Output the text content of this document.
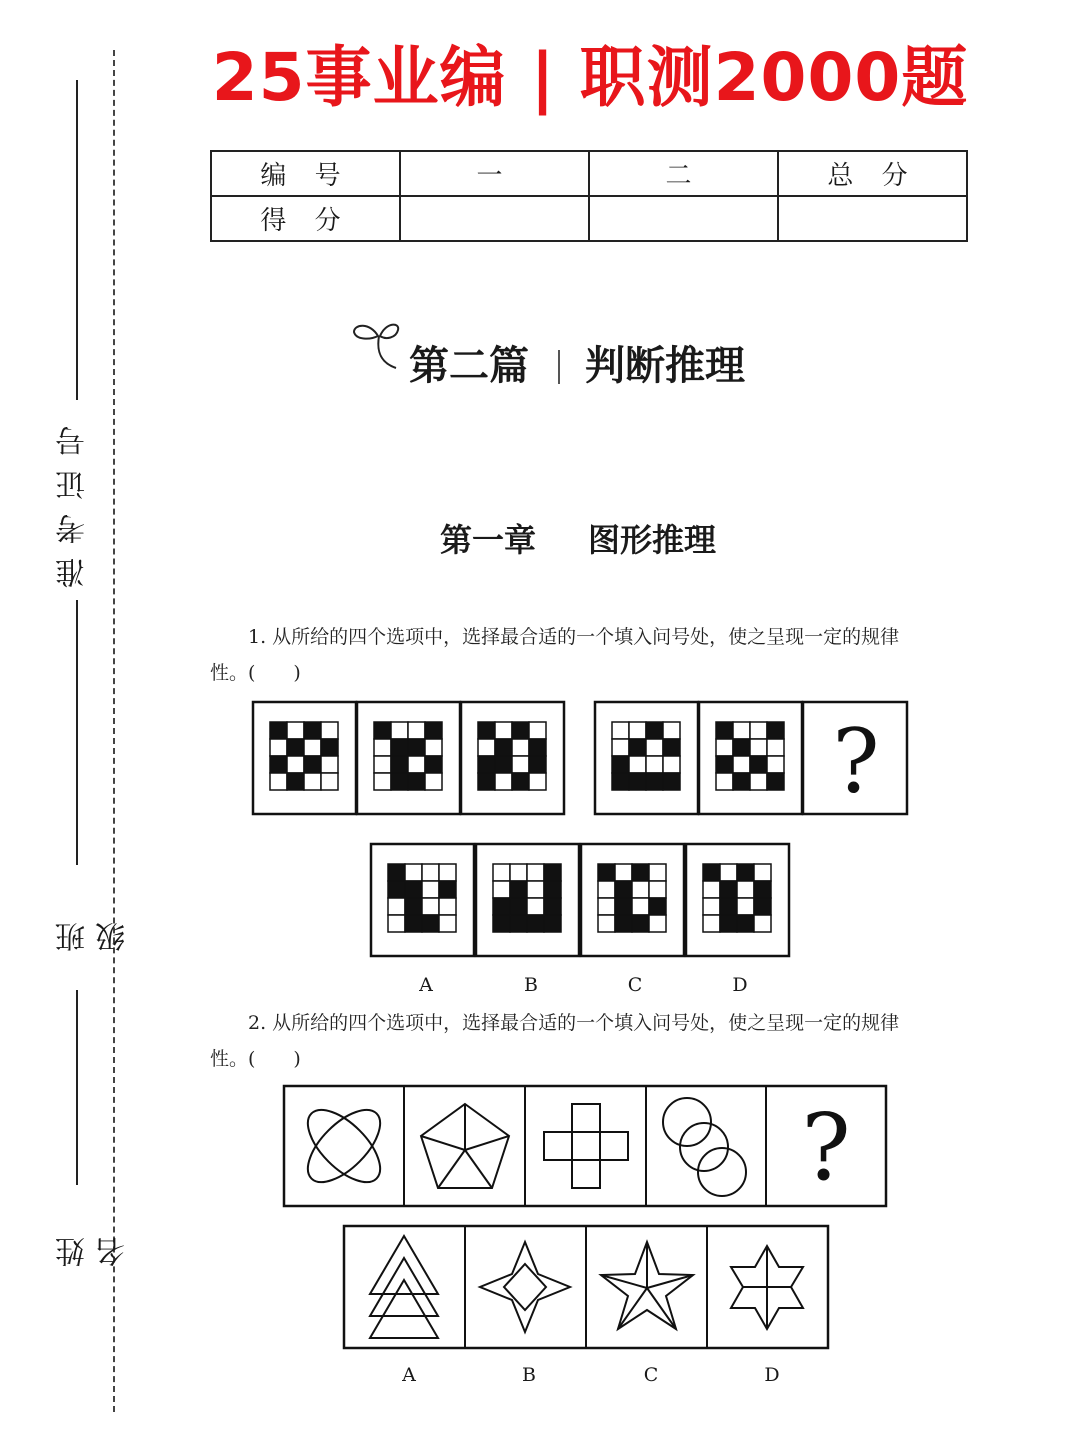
25事业编 | 职测2000题
准考证号
班 级
姓 名
编 号	一	二	总 分
得 分			
第二篇 判断推理
第一章 图形推理
1. 从所给的四个选项中，选择最合适的一个填入问号处，使之呈现一定的规律
性。(　　)
?
A	B	C	D
2. 从所给的四个选项中，选择最合适的一个填入问号处，使之呈现一定的规律
性。(　　)
?
A	B	C	D
